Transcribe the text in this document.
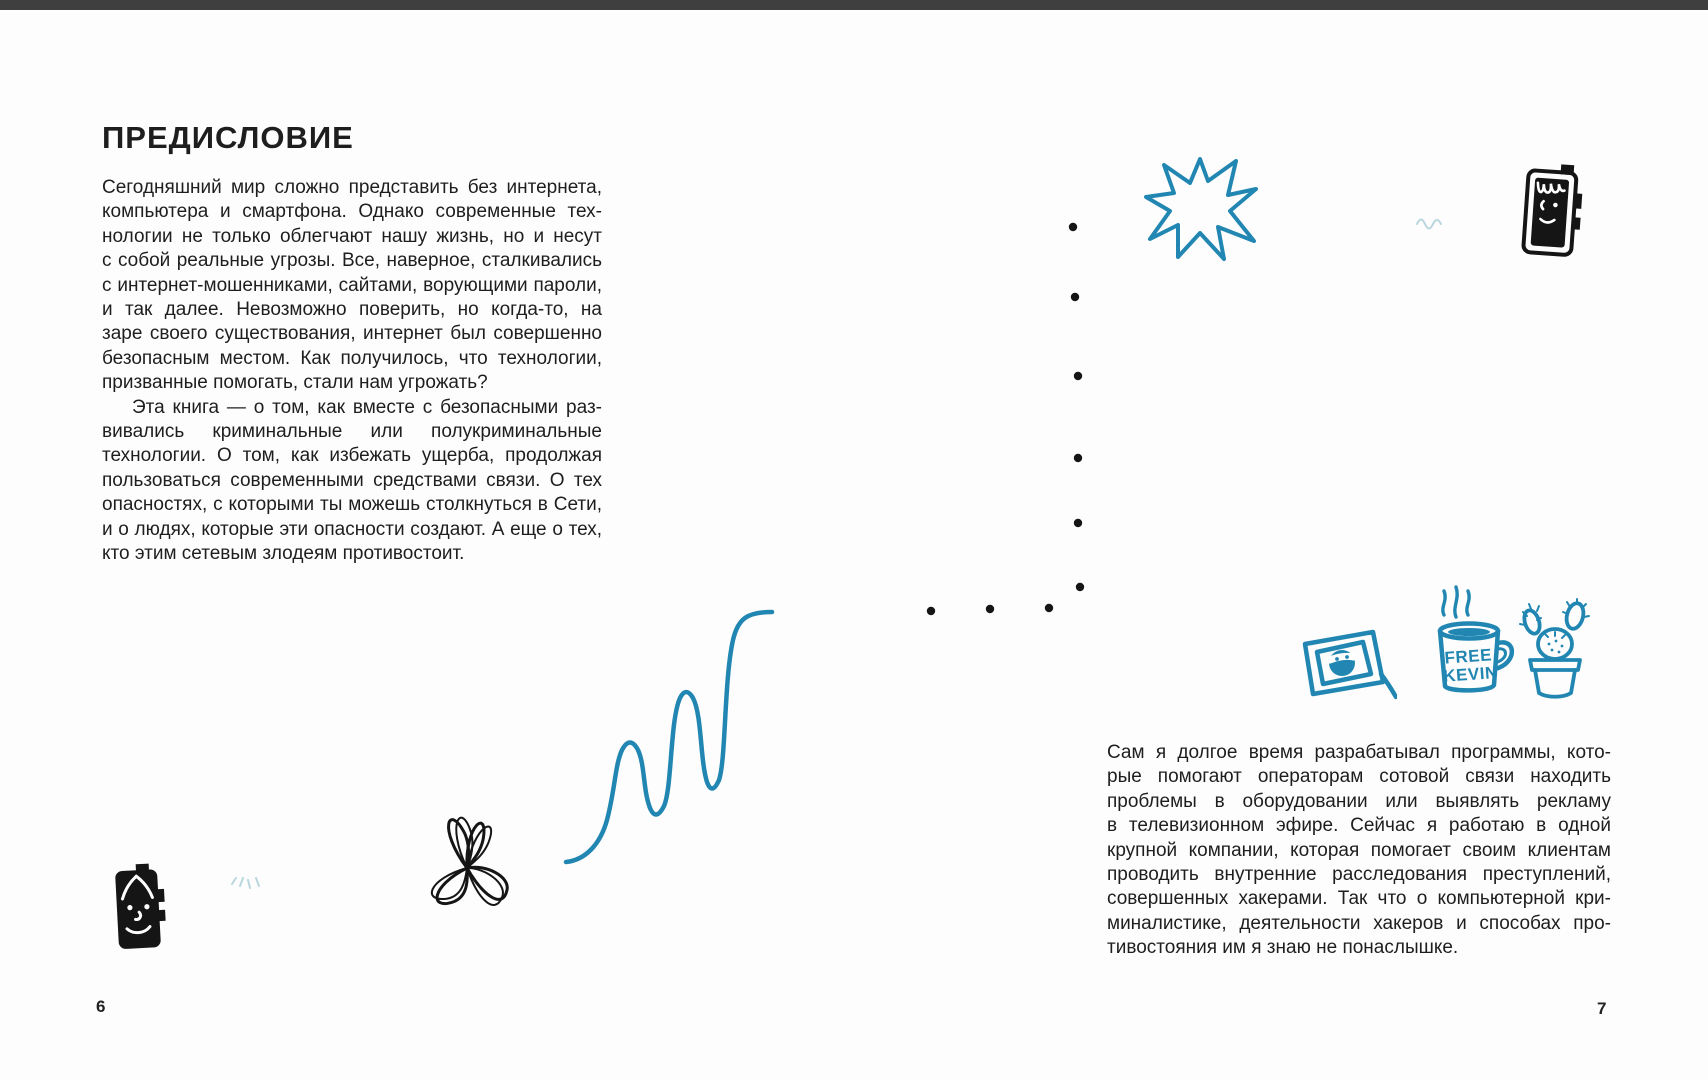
ПРЕДИСЛОВИЕ
Сегодняшний мир сложно представить без интернета,
компьютера и смартфона. Однако современные тех-
нологии не только облегчают нашу жизнь, но и несут
с собой реальные угрозы. Все, наверное, сталкивались
с интернет-мошенниками, сайтами, ворующими пароли,
и так далее. Невозможно поверить, но когда-то, на
заре своего существования, интернет был совершенно
безопасным местом. Как получилось, что технологии,
призванные помогать, стали нам угрожать?
Эта книга — о том, как вместе с безопасными раз-
вивались криминальные или полукриминальные
технологии. О том, как избежать ущерба, продолжая
пользоваться современными средствами связи. О тех
опасностях, с которыми ты можешь столкнуться в Сети,
и о людях, которые эти опасности создают. А еще о тех,
кто этим сетевым злодеям противостоит.
6
Сам я долгое время разрабатывал программы, кото-
рые помогают операторам сотовой связи находить
проблемы в оборудовании или выявлять рекламу
в телевизионном эфире. Сейчас я работаю в одной
крупной компании, которая помогает своим клиентам
проводить внутренние расследования преступлений,
совершенных хакерами. Так что о компьютерной кри-
миналистике, деятельности хакеров и способах про-
тивостояния им я знаю не понаслышке.
7
FREE
KEVIN
